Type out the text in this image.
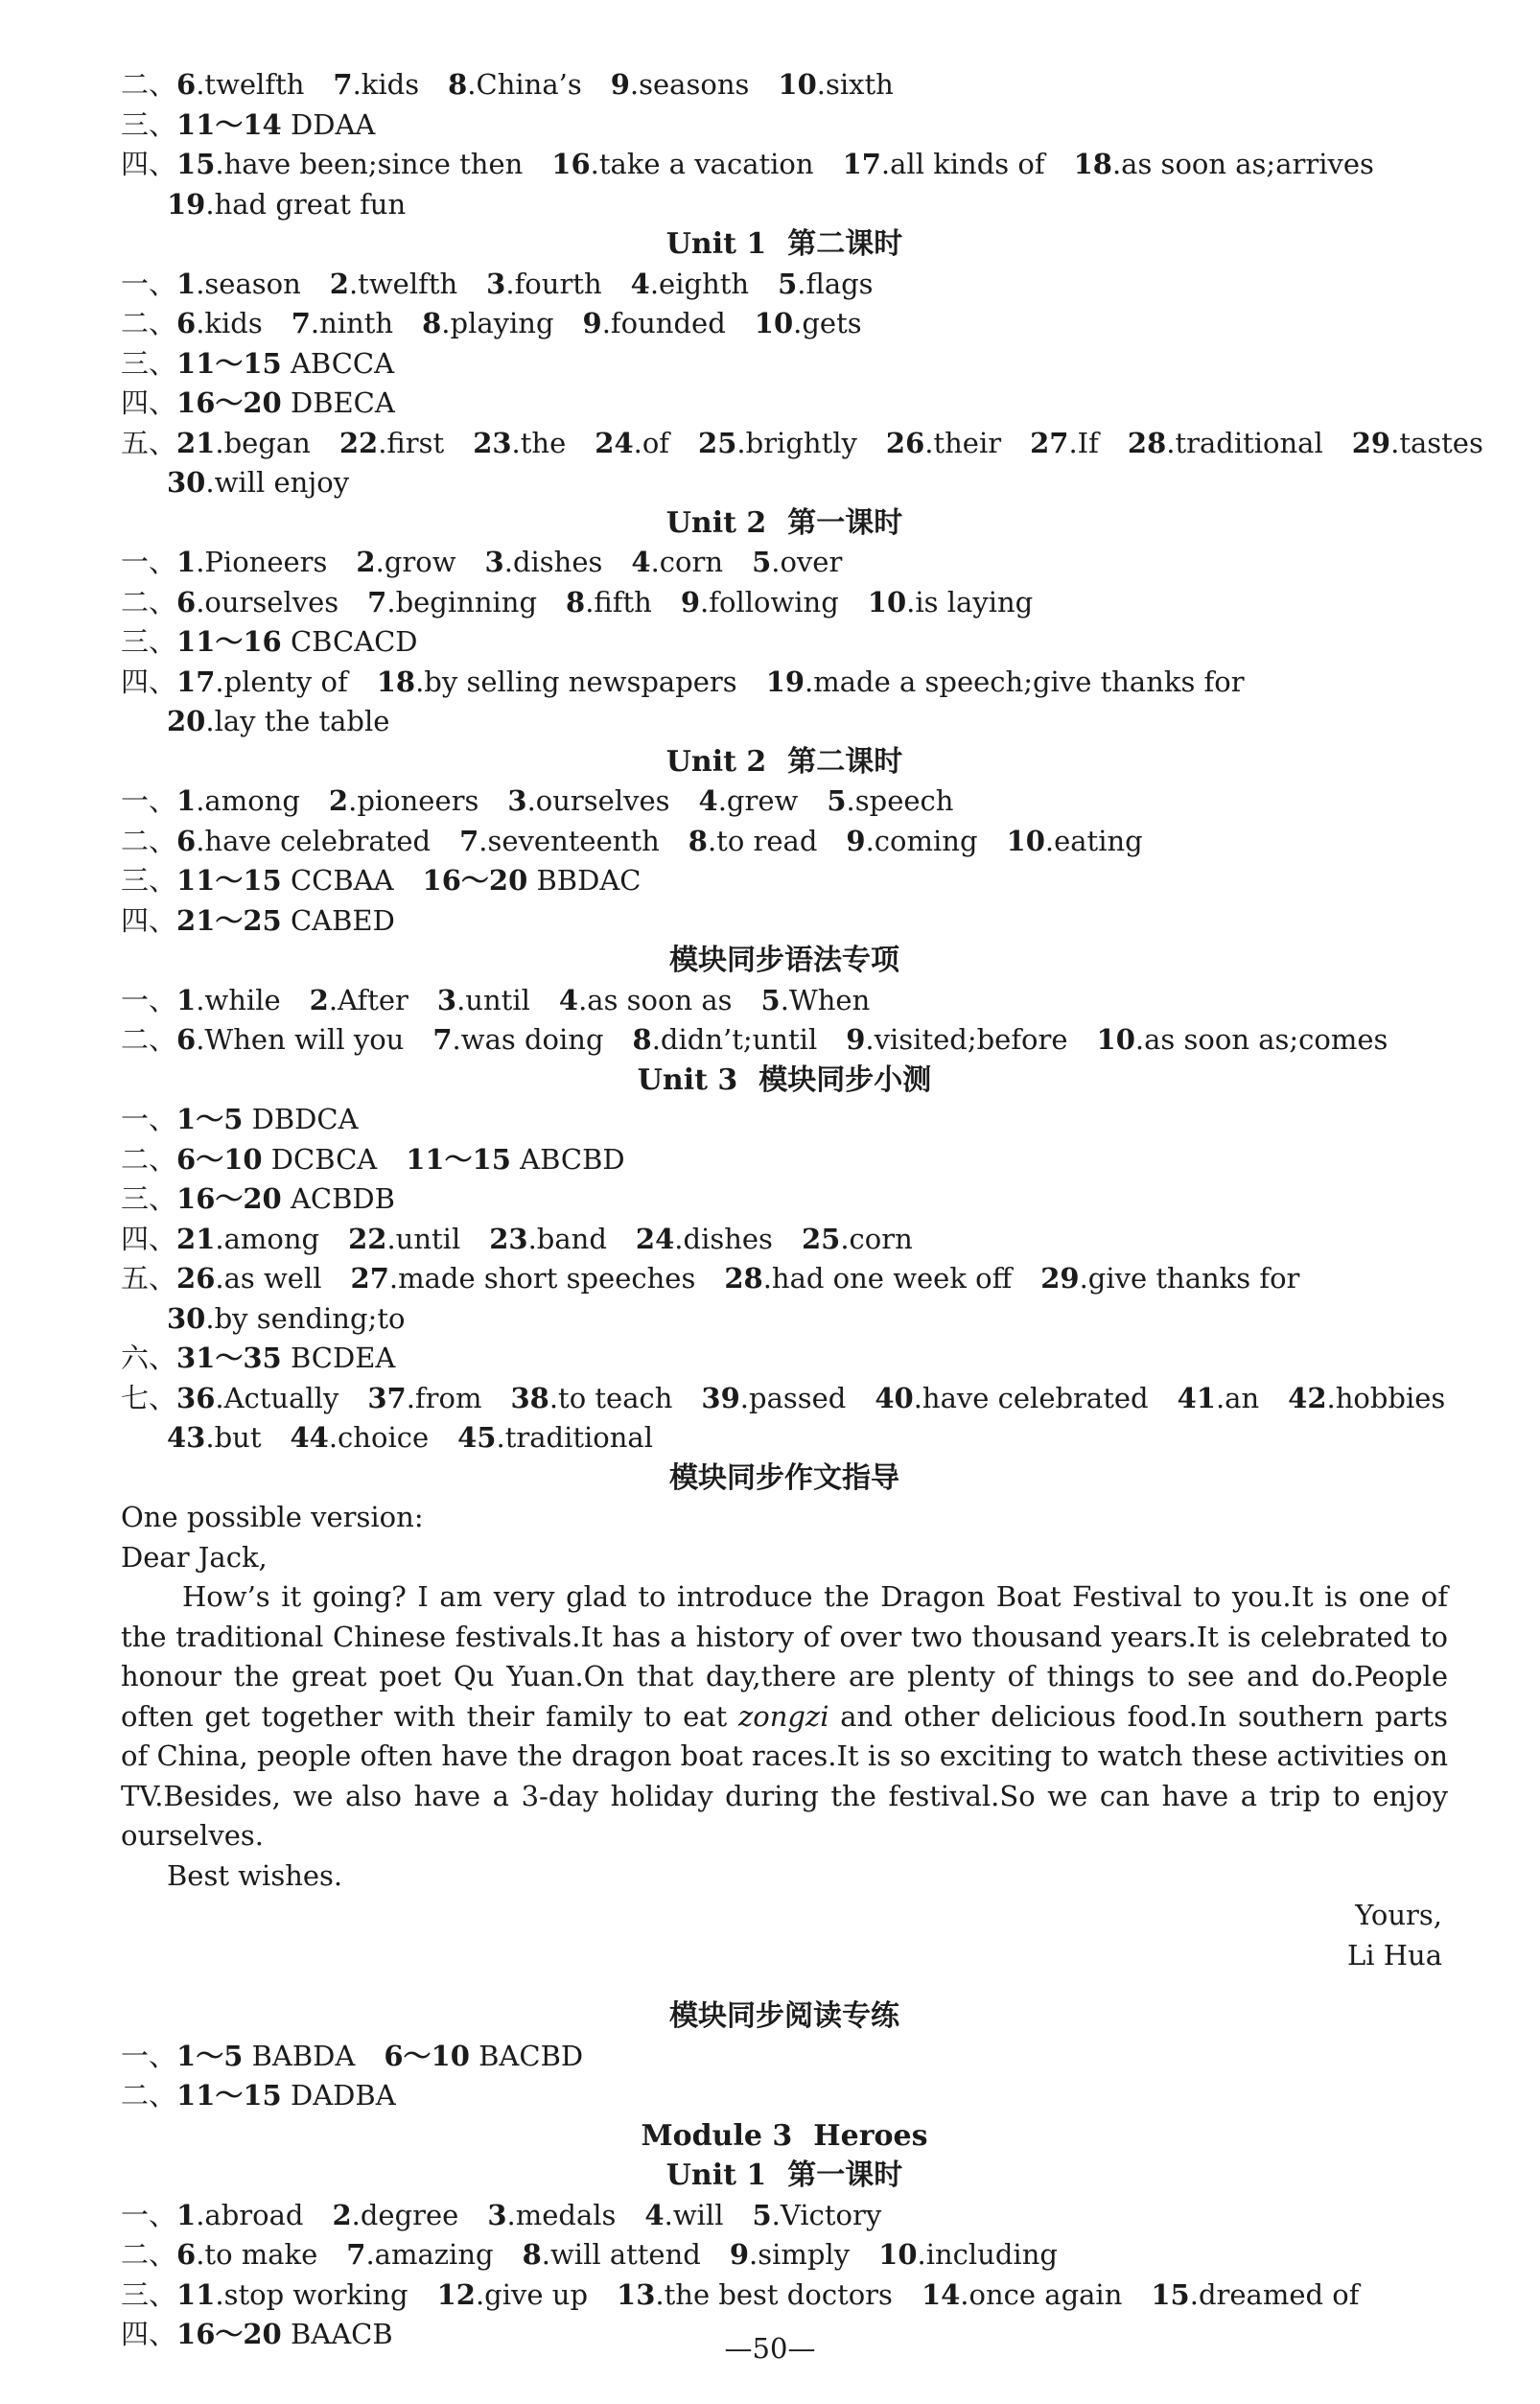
二、6.twelfth 7.kids 8.China’s 9.seasons 10.sixth
三、11～14 DDAA
四、15.have been;since then 16.take a vacation 17.all kinds of 18.as soon as;arrives
19.had great fun
Unit 1 第二课时
一、1.season 2.twelfth 3.fourth 4.eighth 5.flags
二、6.kids 7.ninth 8.playing 9.founded 10.gets
三、11～15 ABCCA
四、16～20 DBECA
五、21.began 22.first 23.the 24.of 25.brightly 26.their 27.If 28.traditional 29.tastes
30.will enjoy
Unit 2 第一课时
一、1.Pioneers 2.grow 3.dishes 4.corn 5.over
二、6.ourselves 7.beginning 8.fifth 9.following 10.is laying
三、11～16 CBCACD
四、17.plenty of 18.by selling newspapers 19.made a speech;give thanks for
20.lay the table
Unit 2 第二课时
一、1.among 2.pioneers 3.ourselves 4.grew 5.speech
二、6.have celebrated 7.seventeenth 8.to read 9.coming 10.eating
三、11～15 CCBAA 16～20 BBDAC
四、21～25 CABED
模块同步语法专项
一、1.while 2.After 3.until 4.as soon as 5.When
二、6.When will you 7.was doing 8.didn’t;until 9.visited;before 10.as soon as;comes
Unit 3 模块同步小测
一、1～5 DBDCA
二、6～10 DCBCA 11～15 ABCBD
三、16～20 ACBDB
四、21.among 22.until 23.band 24.dishes 25.corn
五、26.as well 27.made short speeches 28.had one week off 29.give thanks for
30.by sending;to
六、31～35 BCDEA
七、36.Actually 37.from 38.to teach 39.passed 40.have celebrated 41.an 42.hobbies
43.but 44.choice 45.traditional
模块同步作文指导
One possible version:
Dear Jack,
How’s it going? I am very glad to introduce the Dragon Boat Festival to you.It is one of the traditional Chinese festivals.It has a history of over two thousand years.It is celebrated to honour the great poet Qu Yuan.On that day,there are plenty of things to see and do.People often get together with their family to eat zongzi and other delicious food.In southern parts of China, people often have the dragon boat races.It is so exciting to watch these activities on TV.Besides, we also have a 3-day holiday during the festival.So we can have a trip to enjoy ourselves.
Best wishes.
Yours,
Li Hua
模块同步阅读专练
一、1～5 BABDA 6～10 BACBD
二、11～15 DADBA
Module 3 Heroes
Unit 1 第一课时
一、1.abroad 2.degree 3.medals 4.will 5.Victory
二、6.to make 7.amazing 8.will attend 9.simply 10.including
三、11.stop working 12.give up 13.the best doctors 14.once again 15.dreamed of
四、16～20 BAACB	—50—
